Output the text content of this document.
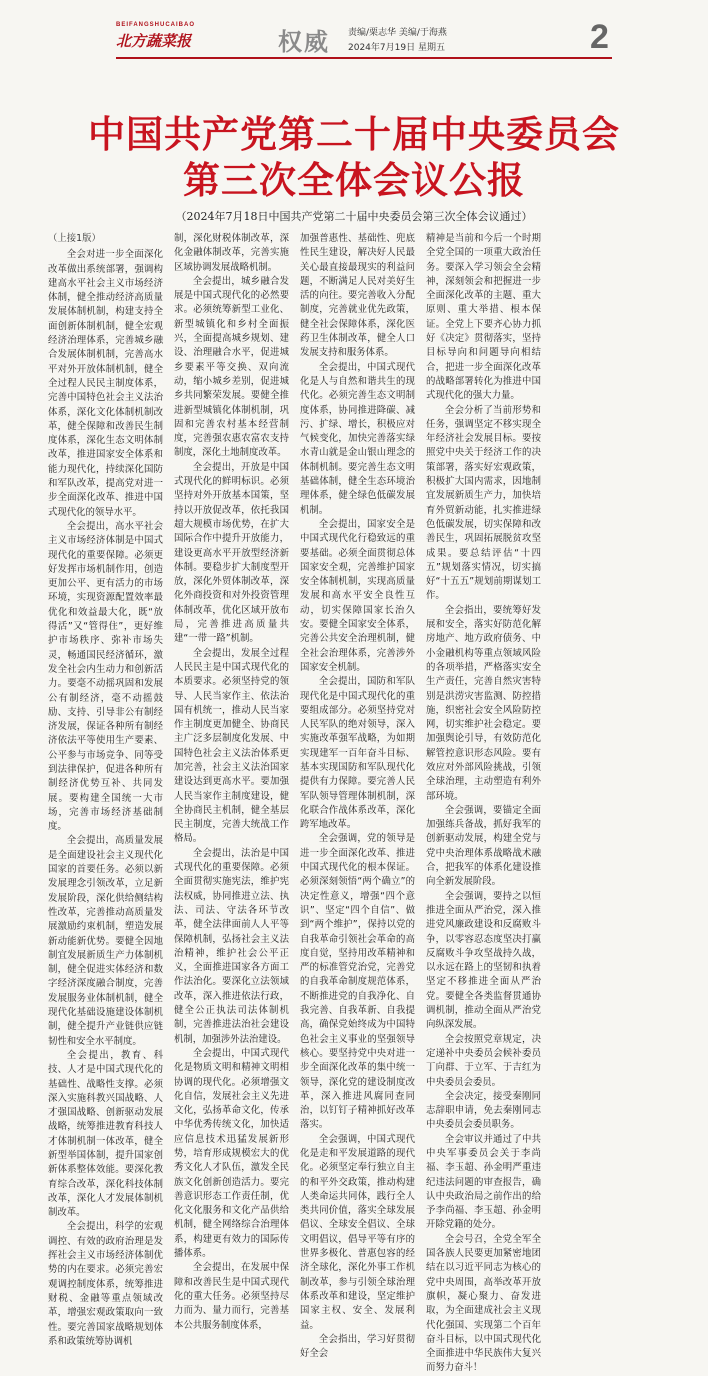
BEIFANGSHUCAIBAO
北方蔬菜报	权威 责编/栗志华 美编/于海燕
2024年7月19日 星期五	2
中国共产党第二十届中央委员会
第三次全体会议公报
（2024年7月18日中国共产党第二十届中央委员会第三次全体会议通过）
（上接1版）

全会对进一步全面深化改革做出系统部署，强调构建高水平社会主义市场经济体制，健全推动经济高质量发展体制机制，构建支持全面创新体制机制，健全宏观经济治理体系，完善城乡融合发展体制机制，完善高水平对外开放体制机制，健全全过程人民民主制度体系，完善中国特色社会主义法治体系，深化文化体制机制改革，健全保障和改善民生制度体系，深化生态文明体制改革，推进国家安全体系和能力现代化，持续深化国防和军队改革，提高党对进一步全面深化改革、推进中国式现代化的领导水平。

全会提出，高水平社会主义市场经济体制是中国式现代化的重要保障。必须更好发挥市场机制作用，创造更加公平、更有活力的市场环境，实现资源配置效率最优化和效益最大化，既“放得活”又“管得住”，更好维护市场秩序、弥补市场失灵，畅通国民经济循环，激发全社会内生动力和创新活力。要毫不动摇巩固和发展公有制经济，毫不动摇鼓励、支持、引导非公有制经济发展，保证各种所有制经济依法平等使用生产要素、公平参与市场竞争、同等受到法律保护，促进各种所有制经济优势互补、共同发展。要构建全国统一大市场，完善市场经济基础制度。

全会提出，高质量发展是全面建设社会主义现代化国家的首要任务。必须以新发展理念引领改革，立足新发展阶段，深化供给侧结构性改革，完善推动高质量发展激励约束机制，塑造发展新动能新优势。要健全因地制宜发展新质生产力体制机制，健全促进实体经济和数字经济深度融合制度，完善发展服务业体制机制，健全现代化基础设施建设体制机制，健全提升产业链供应链韧性和安全水平制度。

全会提出，教育、科技、人才是中国式现代化的基础性、战略性支撑。必须深入实施科教兴国战略、人才强国战略、创新驱动发展战略，统筹推进教育科技人才体制机制一体改革，健全新型举国体制，提升国家创新体系整体效能。要深化教育综合改革，深化科技体制改革，深化人才发展体制机制改革。

全会提出，科学的宏观调控、有效的政府治理是发挥社会主义市场经济体制优势的内在要求。必须完善宏观调控制度体系，统筹推进财税、金融等重点领域改革，增强宏观政策取向一致性。要完善国家战略规划体系和政策统筹协调机

制，深化财税体制改革，深化金融体制改革，完善实施区域协调发展战略机制。

全会提出，城乡融合发展是中国式现代化的必然要求。必须统筹新型工业化、新型城镇化和乡村全面振兴，全面提高城乡规划、建设、治理融合水平，促进城乡要素平等交换、双向流动，缩小城乡差别，促进城乡共同繁荣发展。要健全推进新型城镇化体制机制，巩固和完善农村基本经营制度，完善强农惠农富农支持制度，深化土地制度改革。

全会提出，开放是中国式现代化的鲜明标识。必须坚持对外开放基本国策，坚持以开放促改革，依托我国超大规模市场优势，在扩大国际合作中提升开放能力，建设更高水平开放型经济新体制。要稳步扩大制度型开放，深化外贸体制改革，深化外商投资和对外投资管理体制改革，优化区域开放布局，完善推进高质量共建“一带一路”机制。

全会提出，发展全过程人民民主是中国式现代化的本质要求。必须坚持党的领导、人民当家作主、依法治国有机统一，推动人民当家作主制度更加健全、协商民主广泛多层制度化发展、中国特色社会主义法治体系更加完善，社会主义法治国家建设达到更高水平。要加强人民当家作主制度建设，健全协商民主机制，健全基层民主制度，完善大统战工作格局。

全会提出，法治是中国式现代化的重要保障。必须全面贯彻实施宪法，维护宪法权威，协同推进立法、执法、司法、守法各环节改革，健全法律面前人人平等保障机制，弘扬社会主义法治精神，维护社会公平正义，全面推进国家各方面工作法治化。要深化立法领域改革，深入推进依法行政，健全公正执法司法体制机制，完善推进法治社会建设机制，加强涉外法治建设。

全会提出，中国式现代化是物质文明和精神文明相协调的现代化。必须增强文化自信，发展社会主义先进文化，弘扬革命文化，传承中华优秀传统文化，加快适应信息技术迅猛发展新形势，培育形成规模宏大的优秀文化人才队伍，激发全民族文化创新创造活力。要完善意识形态工作责任制，优化文化服务和文化产品供给机制，健全网络综合治理体系，构建更有效力的国际传播体系。

全会提出，在发展中保障和改善民生是中国式现代化的重大任务。必须坚持尽力而为、量力而行，完善基本公共服务制度体系，

加强普惠性、基础性、兜底性民生建设，解决好人民最关心最直接最现实的利益问题，不断满足人民对美好生活的向往。要完善收入分配制度，完善就业优先政策，健全社会保障体系，深化医药卫生体制改革，健全人口发展支持和服务体系。

全会提出，中国式现代化是人与自然和谐共生的现代化。必须完善生态文明制度体系，协同推进降碳、减污、扩绿、增长，积极应对气候变化，加快完善落实绿水青山就是金山银山理念的体制机制。要完善生态文明基础体制，健全生态环境治理体系，健全绿色低碳发展机制。

全会提出，国家安全是中国式现代化行稳致远的重要基础。必须全面贯彻总体国家安全观，完善维护国家安全体制机制，实现高质量发展和高水平安全良性互动，切实保障国家长治久安。要健全国家安全体系，完善公共安全治理机制，健全社会治理体系，完善涉外国家安全机制。

全会提出，国防和军队现代化是中国式现代化的重要组成部分。必须坚持党对人民军队的绝对领导，深入实施改革强军战略，为如期实现建军一百年奋斗目标、基本实现国防和军队现代化提供有力保障。要完善人民军队领导管理体制机制，深化联合作战体系改革，深化跨军地改革。

全会强调，党的领导是进一步全面深化改革、推进中国式现代化的根本保证。必须深刻领悟“两个确立”的决定性意义，增强“四个意识”、坚定“四个自信”、做到“两个维护”，保持以党的自我革命引领社会革命的高度自觉，坚持用改革精神和严的标准管党治党，完善党的自我革命制度规范体系，不断推进党的自我净化、自我完善、自我革新、自我提高，确保党始终成为中国特色社会主义事业的坚强领导核心。要坚持党中央对进一步全面深化改革的集中统一领导，深化党的建设制度改革，深入推进风腐同查同治，以钉钉子精神抓好改革落实。

全会强调，中国式现代化是走和平发展道路的现代化。必须坚定奉行独立自主的和平外交政策，推动构建人类命运共同体，践行全人类共同价值，落实全球发展倡议、全球安全倡议、全球文明倡议，倡导平等有序的世界多极化、普惠包容的经济全球化，深化外事工作机制改革，参与引领全球治理体系改革和建设，坚定维护国家主权、安全、发展利益。

全会指出，学习好贯彻好全会

精神是当前和今后一个时期全党全国的一项重大政治任务。要深入学习领会全会精神，深刻领会和把握进一步全面深化改革的主题、重大原则、重大举措、根本保证。全党上下要齐心协力抓好《决定》贯彻落实，坚持目标导向和问题导向相结合，把进一步全面深化改革的战略部署转化为推进中国式现代化的强大力量。

全会分析了当前形势和任务，强调坚定不移实现全年经济社会发展目标。要按照党中央关于经济工作的决策部署，落实好宏观政策，积极扩大国内需求，因地制宜发展新质生产力，加快培育外贸新动能，扎实推进绿色低碳发展，切实保障和改善民生，巩固拓展脱贫攻坚成果。要总结评估“十四五”规划落实情况，切实搞好“十五五”规划前期谋划工作。

全会指出，要统筹好发展和安全，落实好防范化解房地产、地方政府债务、中小金融机构等重点领域风险的各项举措，严格落实安全生产责任，完善自然灾害特别是洪涝灾害监测、防控措施，织密社会安全风险防控网，切实维护社会稳定。要加强舆论引导，有效防范化解管控意识形态风险。要有效应对外部风险挑战，引领全球治理，主动塑造有利外部环境。

全会强调，要锚定全面加强练兵备战，抓好我军的创新驱动发展，构建全党与党中央治理体系战略战术融合，把我军的体系化建设推向全新发展阶段。

全会强调，要持之以恒推进全面从严治党，深入推进党风廉政建设和反腐败斗争，以零容忍态度坚决打赢反腐败斗争攻坚战持久战，以永远在路上的坚韧和执着坚定不移推进全面从严治党。要健全各类监督贯通协调机制，推动全面从严治党向纵深发展。

全会按照党章规定，决定递补中央委员会候补委员丁向群、于立军、于吉红为中央委员会委员。

全会决定，接受秦刚同志辞职申请，免去秦刚同志中央委员会委员职务。

全会审议并通过了中共中央军事委员会关于李尚福、李玉超、孙金明严重违纪违法问题的审查报告，确认中央政治局之前作出的给予李尚福、李玉超、孙金明开除党籍的处分。

全会号召，全党全军全国各族人民要更加紧密地团结在以习近平同志为核心的党中央周围，高举改革开放旗帜，凝心聚力、奋发进取，为全面建成社会主义现代化强国、实现第二个百年奋斗目标，以中国式现代化全面推进中华民族伟大复兴而努力奋斗！
